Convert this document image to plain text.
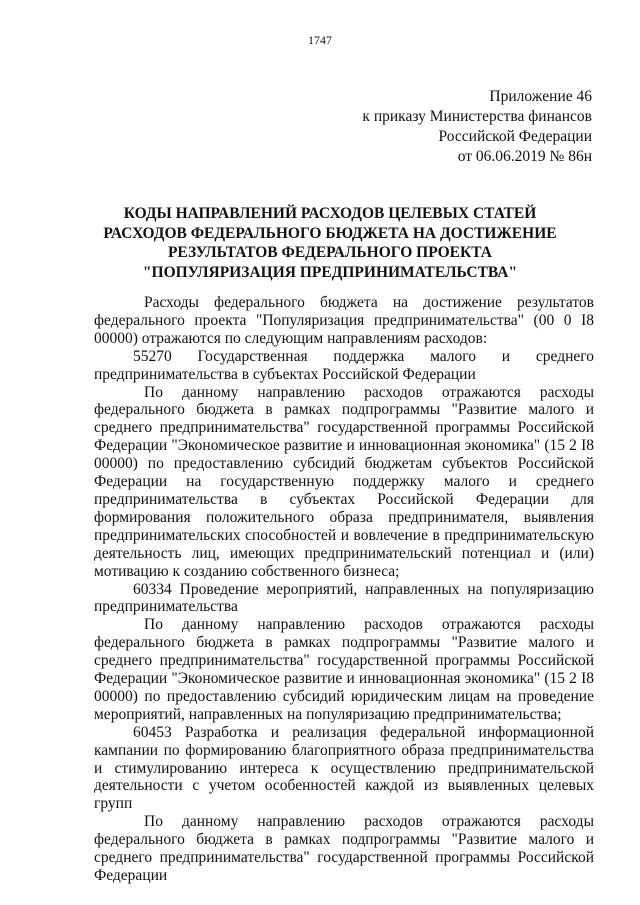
1747
Приложение 46
к приказу Министерства финансов
Российской Федерации
от 06.06.2019 № 86н
КОДЫ НАПРАВЛЕНИЙ РАСХОДОВ ЦЕЛЕВЫХ СТАТЕЙ
РАСХОДОВ ФЕДЕРАЛЬНОГО БЮДЖЕТА НА ДОСТИЖЕНИЕ
РЕЗУЛЬТАТОВ ФЕДЕРАЛЬНОГО ПРОЕКТА
"ПОПУЛЯРИЗАЦИЯ ПРЕДПРИНИМАТЕЛЬСТВА"

Расходы федерального бюджета на достижение результатов федерального проекта "Популяризация предпринимательства" (00 0 I8 00000) отражаются по следующим направлениям расходов:

55270 Государственная поддержка малого и среднего предпринимательства в субъектах Российской Федерации

По данному направлению расходов отражаются расходы федерального бюджета в рамках подпрограммы "Развитие малого и среднего предпринимательства" государственной программы Российской Федерации "Экономическое развитие и инновационная экономика" (15 2 I8 00000) по предоставлению субсидий бюджетам субъектов Российской Федерации на государственную поддержку малого и среднего предпринимательства в субъектах Российской Федерации для формирования положительного образа предпринимателя, выявления предпринимательских способностей и вовлечение в предпринимательскую деятельность лиц, имеющих предпринимательский потенциал и (или) мотивацию к созданию собственного бизнеса;

60334 Проведение мероприятий, направленных на популяризацию предпринимательства

По данному направлению расходов отражаются расходы федерального бюджета в рамках подпрограммы "Развитие малого и среднего предпринимательства" государственной программы Российской Федерации "Экономическое развитие и инновационная экономика" (15 2 I8 00000) по предоставлению субсидий юридическим лицам на проведение мероприятий, направленных на популяризацию предпринимательства;

60453 Разработка и реализация федеральной информационной кампании по формированию благоприятного образа предпринимательства и стимулированию интереса к осуществлению предпринимательской деятельности с учетом особенностей каждой из выявленных целевых групп

По данному направлению расходов отражаются расходы федерального бюджета в рамках подпрограммы "Развитие малого и среднего предпринимательства" государственной программы Российской Федерации
